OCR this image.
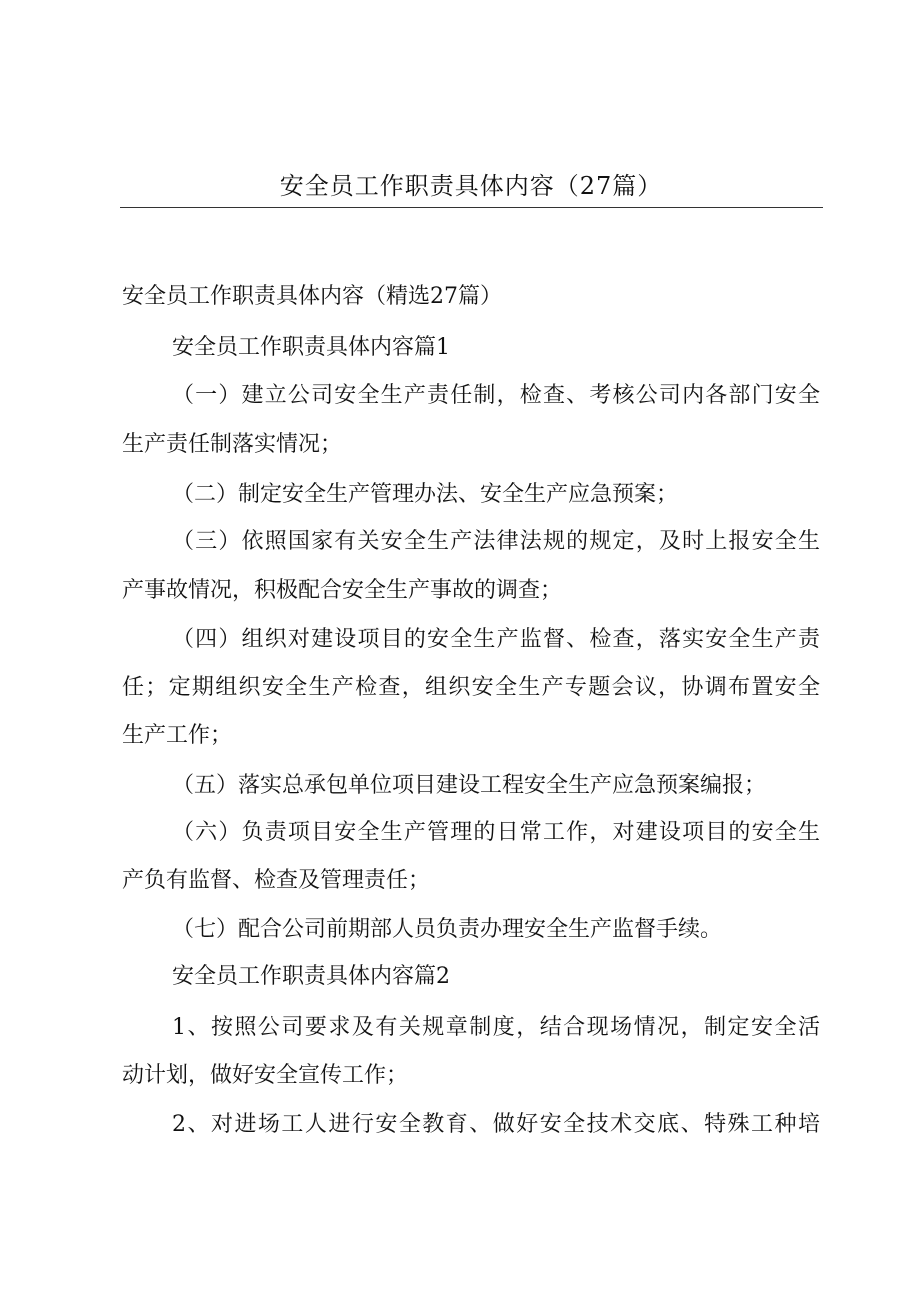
安全员工作职责具体内容（27篇）
安全员工作职责具体内容（精选27篇）
安全员工作职责具体内容篇1
（一）建立公司安全生产责任制，检查、考核公司内各部门安全
生产责任制落实情况；
（二）制定安全生产管理办法、安全生产应急预案；
（三）依照国家有关安全生产法律法规的规定，及时上报安全生
产事故情况，积极配合安全生产事故的调查；
（四）组织对建设项目的安全生产监督、检查，落实安全生产责
任；定期组织安全生产检查，组织安全生产专题会议，协调布置安全
生产工作；
（五）落实总承包单位项目建设工程安全生产应急预案编报；
（六）负责项目安全生产管理的日常工作，对建设项目的安全生
产负有监督、检查及管理责任；
（七）配合公司前期部人员负责办理安全生产监督手续。
安全员工作职责具体内容篇2
1、按照公司要求及有关规章制度，结合现场情况，制定安全活
动计划，做好安全宣传工作；
2、对进场工人进行安全教育、做好安全技术交底、特殊工种培
